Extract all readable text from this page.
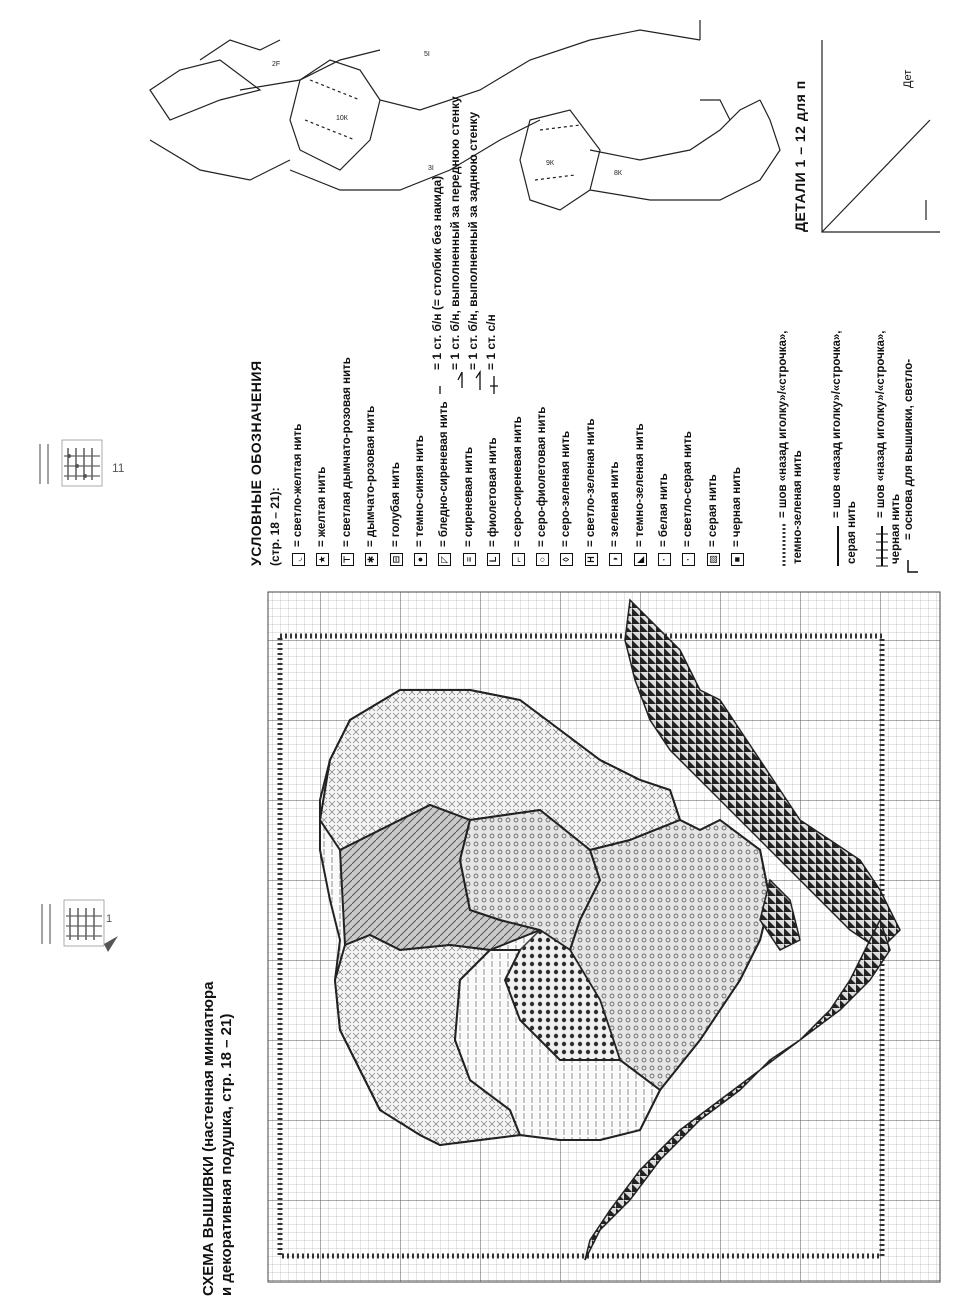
11
1
2F
10К
5I
3I
9К
8К
= 1 ст. б/н (= столбик без накида) = 1 ст. б/н, выполненный за переднюю стенку = 1 ст. б/н, выполненный за заднюю стенку = 1 ст. с/н
СХЕМА ВЫШИВКИ (настенная миниатюра и декоративная подушка, стр. 18 – 21)
УСЛОВНЫЕ ОБОЗНАЧЕНИЯ (стр. 18 – 21): ◟
= светло-желтая нить
★
= желтая нить
⊤
= светлая дымчато-розовая нить
✱
= дымчато-розовая нить
⊟
= голубая нить
●
= темно-синяя нить
◸
= бледно-сиреневая нить
≡
= сиреневая нить
L
= фиолетовая нить
⌐
= серо-сиреневая нить
○
= серо-фиолетовая нить
◊
= серо-зеленая нить
H
= светло-зеленая нить
◑
= зеленая нить
◣
= темно-зеленая нить
·
= белая нить
∙
= светло-серая нить
▨
= серая нить
■
= черная нить	= шов «назад иголку»/«строчка», темно-зеленая нить = шов «назад иголку»/«строчка»,
серая нить
= шов «назад иголку»/«строчка»,
черная нить = основа для вышивки, светло-
ДЕТАЛИ 1 – 12 для п
Дет
